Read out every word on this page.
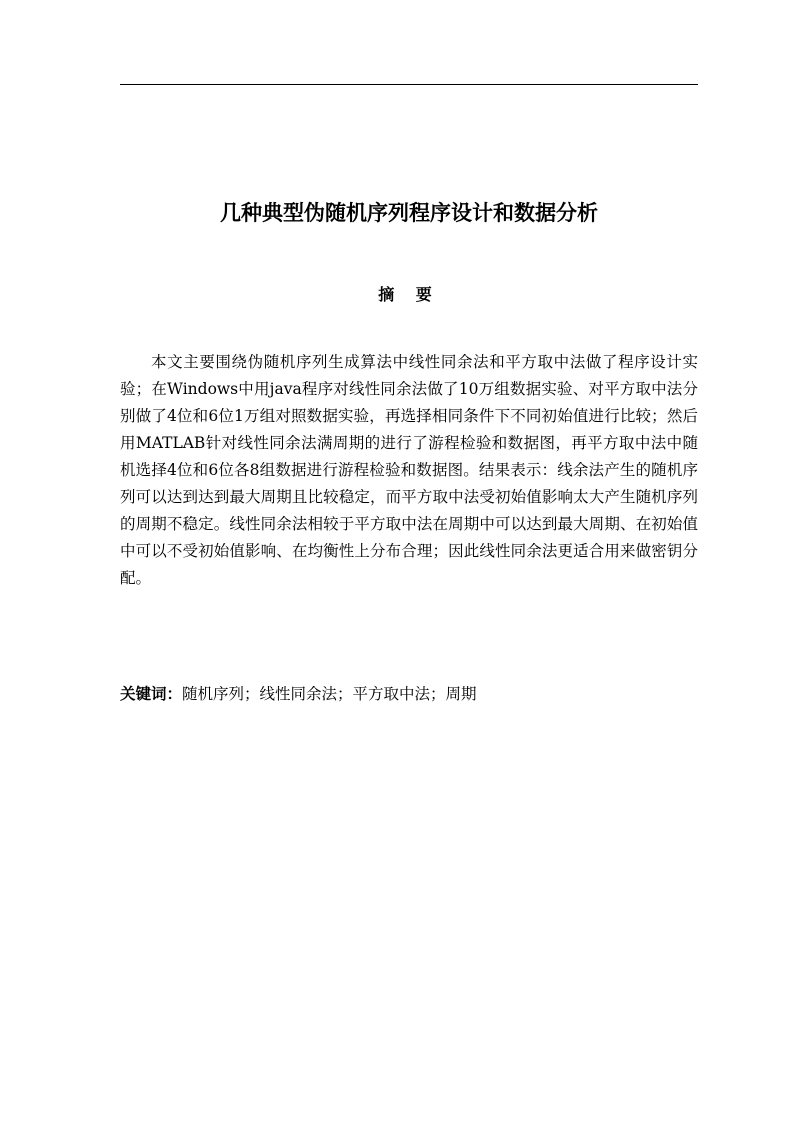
几种典型伪随机序列程序设计和数据分析
摘 要

本文主要围绕伪随机序列生成算法中线性同余法和平方取中法做了程序设计实验；在Windows中用java程序对线性同余法做了10万组数据实验、对平方取中法分别做了4位和6位1万组对照数据实验，再选择相同条件下不同初始值进行比较；然后用MATLAB针对线性同余法满周期的进行了游程检验和数据图，再平方取中法中随机选择4位和6位各8组数据进行游程检验和数据图。结果表示：线余法产生的随机序列可以达到达到最大周期且比较稳定，而平方取中法受初始值影响太大产生随机序列的周期不稳定。线性同余法相较于平方取中法在周期中可以达到最大周期、在初始值中可以不受初始值影响、在均衡性上分布合理；因此线性同余法更适合用来做密钥分配。

关键词：随机序列；线性同余法；平方取中法；周期
